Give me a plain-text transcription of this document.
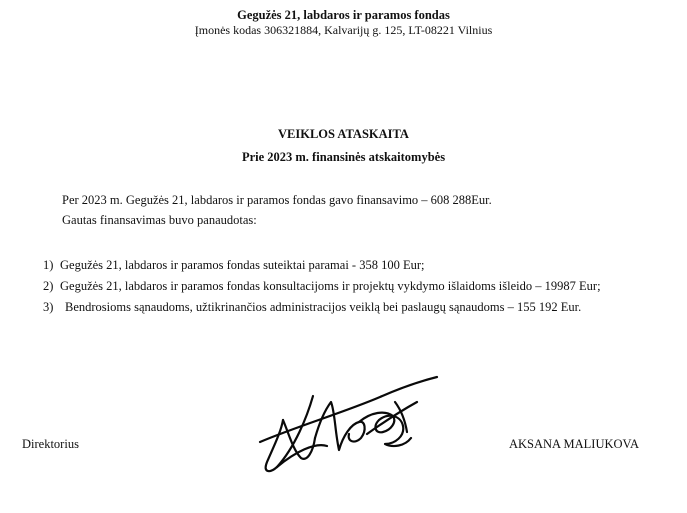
Gegužės 21, labdaros ir paramos fondas
Įmonės kodas 306321884, Kalvarijų g. 125, LT-08221 Vilnius
VEIKLOS ATASKAITA
Prie 2023 m. finansinės atskaitomybės
Per 2023 m. Gegužės 21, labdaros ir paramos fondas gavo finansavimo – 608 288Eur.
Gautas finansavimas buvo panaudotas:
1) Gegužės 21, labdaros ir paramos fondas suteiktai paramai - 358 100 Eur;
2) Gegužės 21, labdaros ir paramos fondas konsultacijoms ir projektų vykdymo išlaidoms išleido – 19987 Eur;
3) Bendrosioms sąnaudoms, užtikrinančios administracijos veiklą bei paslaugų sąnaudoms – 155 192 Eur.
Direktorius	AKSANA MALIUKOVA
